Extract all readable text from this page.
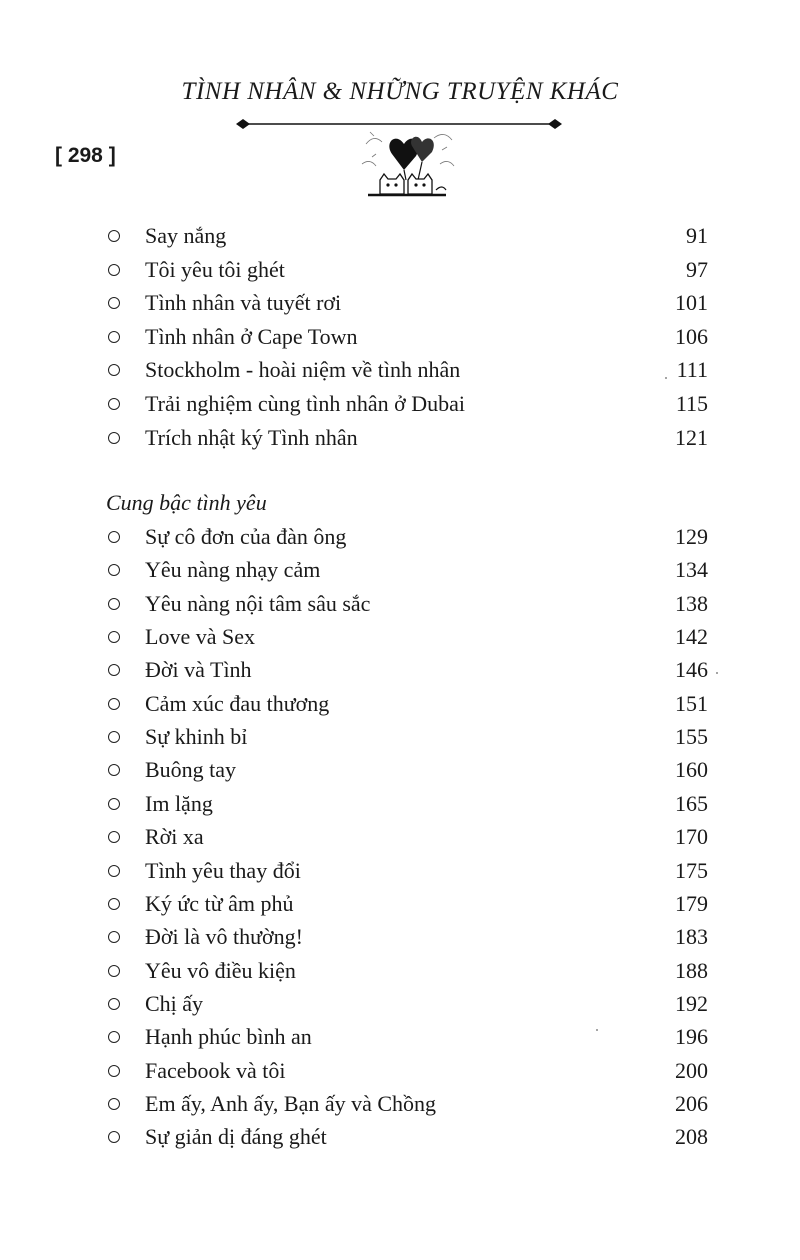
TÌNH NHÂN & NHỮNG TRUYỆN KHÁC
[ 298 ]
Say nắng	91
Tôi yêu tôi ghét	97
Tình nhân và tuyết rơi	101
Tình nhân ở Cape Town	106
Stockholm - hoài niệm về tình nhân	111
Trải nghiệm cùng tình nhân ở Dubai	115
Trích nhật ký Tình nhân	121
Cung bậc tình yêu
Sự cô đơn của đàn ông	129
Yêu nàng nhạy cảm	134
Yêu nàng nội tâm sâu sắc	138
Love và Sex	142
Đời và Tình	146
Cảm xúc đau thương	151
Sự khinh bỉ	155
Buông tay	160
Im lặng	165
Rời xa	170
Tình yêu thay đổi	175
Ký ức từ âm phủ	179
Đời là vô thường!	183
Yêu vô điều kiện	188
Chị ấy	192
Hạnh phúc bình an	196
Facebook và tôi	200
Em ấy, Anh ấy, Bạn ấy và Chồng	206
Sự giản dị đáng ghét	208
